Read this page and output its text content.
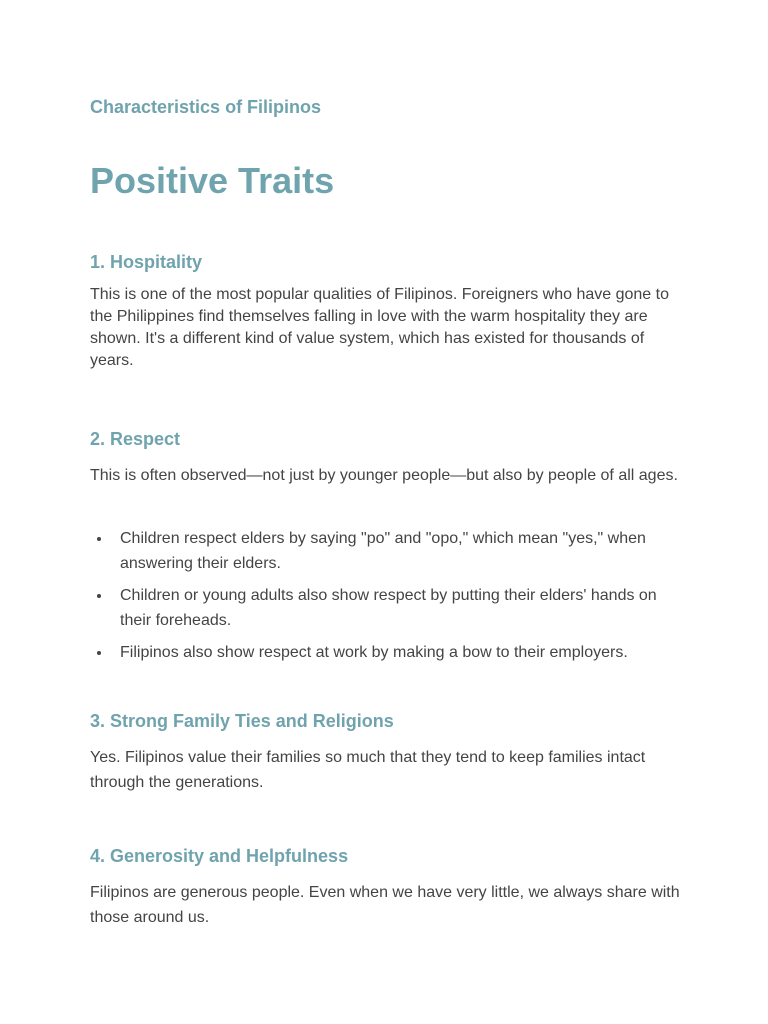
Characteristics of Filipinos
Positive Traits
1. Hospitality

This is one of the most popular qualities of Filipinos. Foreigners who have gone to the Philippines find themselves falling in love with the warm hospitality they are shown. It's a different kind of value system, which has existed for thousands of years.

2. Respect

This is often observed—not just by younger people—but also by people of all ages.

Children respect elders by saying "po" and "opo," which mean "yes," when answering their elders.
Children or young adults also show respect by putting their elders' hands on their foreheads.
Filipinos also show respect at work by making a bow to their employers.
3. Strong Family Ties and Religions

Yes. Filipinos value their families so much that they tend to keep families intact through the generations.

4. Generosity and Helpfulness

Filipinos are generous people. Even when we have very little, we always share with those around us.
